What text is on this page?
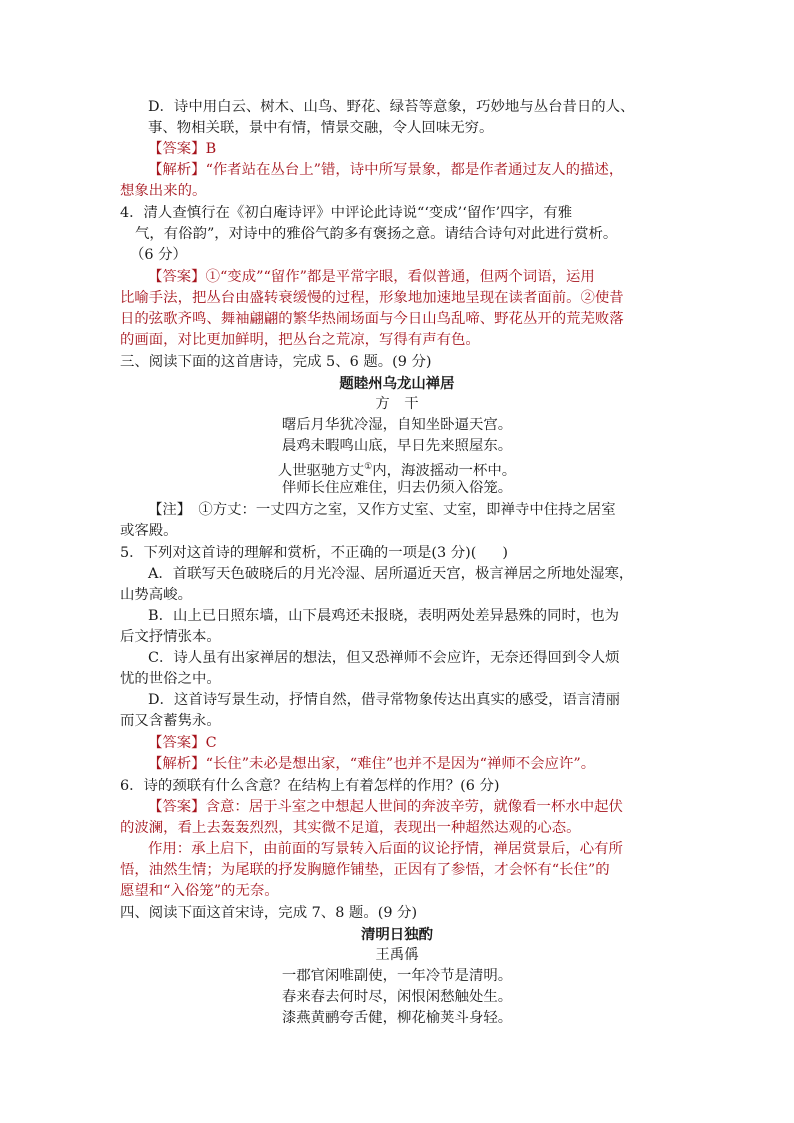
D．诗中用白云、树木、山鸟、野花、绿苔等意象，巧妙地与丛台昔日的人、
事、物相关联，景中有情，情景交融，令人回味无穷。
【答案】B
【解析】“作者站在丛台上”错，诗中所写景象，都是作者通过友人的描述，
想象出来的。
4．清人查慎行在《初白庵诗评》中评论此诗说“‘变成’‘留作’四字，有雅
气，有俗韵”，对诗中的雅俗气韵多有褒扬之意。请结合诗句对此进行赏析。
（6 分）
【答案】①“变成”“留作”都是平常字眼，看似普通，但两个词语，运用
比喻手法，把丛台由盛转衰缓慢的过程，形象地加速地呈现在读者面前。②使昔
日的弦歌齐鸣、舞袖翩翩的繁华热闹场面与今日山鸟乱啼、野花丛开的荒芜败落
的画面，对比更加鲜明，把丛台之荒凉，写得有声有色。
三、阅读下面的这首唐诗，完成 5、6 题。(9 分)
题睦州乌龙山禅居
方　干
曙后月华犹冷湿，自知坐卧逼天宫。
晨鸡未暇鸣山底，早日先来照屋东。
人世驱驰方丈①内，海波摇动一杯中。
伴师长住应难住，归去仍须入俗笼。
【注】　①方丈：一丈四方之室，又作方丈室、丈室，即禅寺中住持之居室
或客殿。
5．下列对这首诗的理解和赏析，不正确的一项是(3 分)( )
A．首联写天色破晓后的月光冷湿、居所逼近天宫，极言禅居之所地处湿寒，
山势高峻。
B．山上已日照东墙，山下晨鸡还未报晓，表明两处差异悬殊的同时，也为
后文抒情张本。
C．诗人虽有出家禅居的想法，但又恐禅师不会应许，无奈还得回到令人烦
忧的世俗之中。
D．这首诗写景生动，抒情自然，借寻常物象传达出真实的感受，语言清丽
而又含蓄隽永。
【答案】C
【解析】“长住”未必是想出家，“难住”也并不是因为“禅师不会应许”。
6．诗的颈联有什么含意？在结构上有着怎样的作用？(6 分)
【答案】含意：居于斗室之中想起人世间的奔波辛劳，就像看一杯水中起伏
的波澜，看上去轰轰烈烈，其实微不足道，表现出一种超然达观的心态。
作用：承上启下，由前面的写景转入后面的议论抒情，禅居赏景后，心有所
悟，油然生情；为尾联的抒发胸臆作铺垫，正因有了参悟，才会怀有“长住”的
愿望和“入俗笼”的无奈。
四、阅读下面这首宋诗，完成 7、8 题。(9 分)
清明日独酌
王禹偁
一郡官闲唯副使，一年冷节是清明。
春来春去何时尽，闲恨闲愁触处生。
漆燕黄鹂夸舌健，柳花榆荚斗身轻。
